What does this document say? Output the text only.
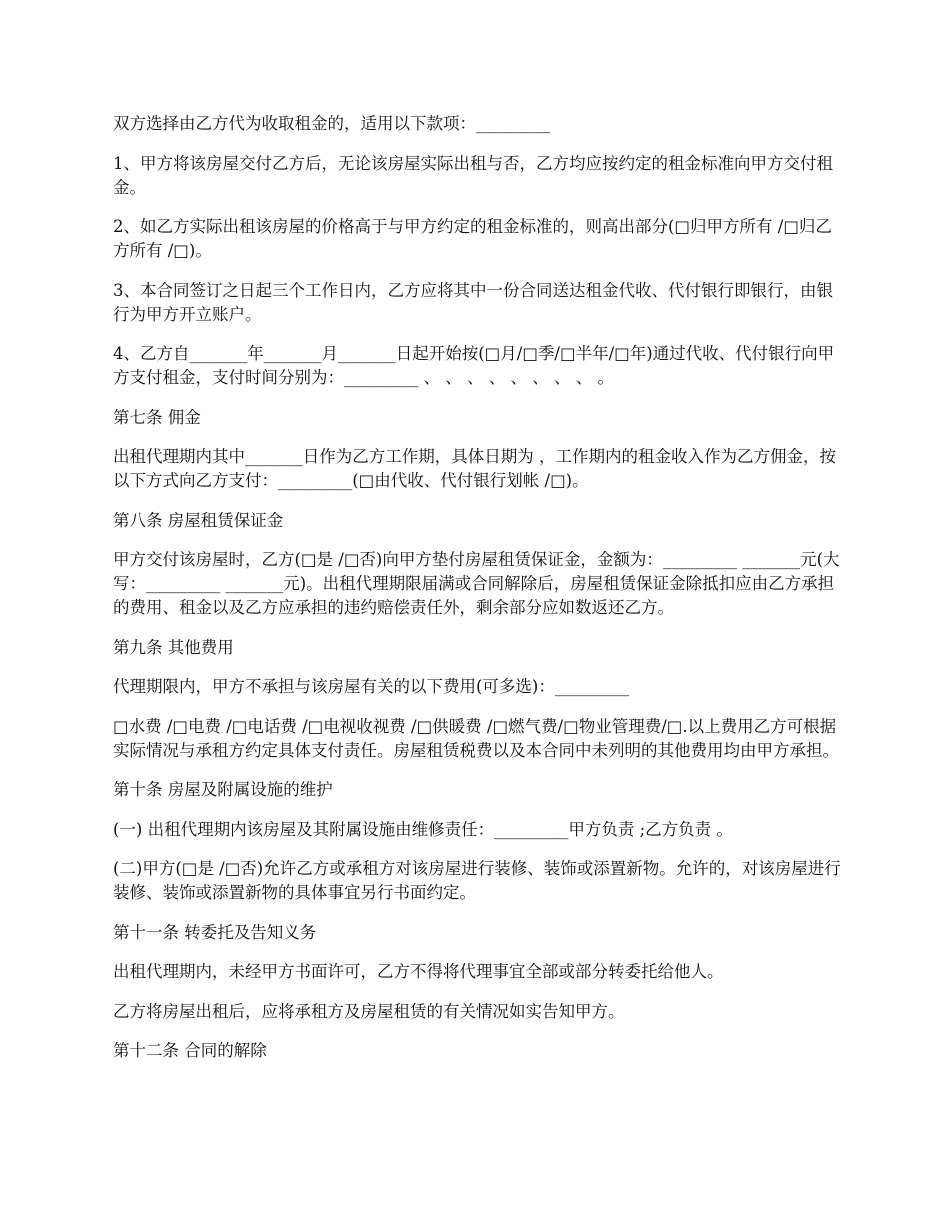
双方选择由乙方代为收取租金的，适用以下款项：_________

1、甲方将该房屋交付乙方后，无论该房屋实际出租与否，乙方均应按约定的租金标准向甲方交付租金。

2、如乙方实际出租该房屋的价格高于与甲方约定的租金标准的，则高出部分(□归甲方所有 /□归乙方所有 /□)。

3、本合同签订之日起三个工作日内，乙方应将其中一份合同送达租金代收、代付银行即银行，由银行为甲方开立账户。

4、乙方自_______年_______月_______日起开始按(□月/□季/□半年/□年)通过代收、代付银行向甲方支付租金，支付时间分别为：_________ 、 、 、 、 、 、 、 、 。

第七条 佣金

出租代理期内其中_______日作为乙方工作期，具体日期为 ，工作期内的租金收入作为乙方佣金，按以下方式向乙方支付：_________(□由代收、代付银行划帐 /□)。

第八条 房屋租赁保证金

甲方交付该房屋时，乙方(□是 /□否)向甲方垫付房屋租赁保证金，金额为：_________ _______元(大写：_________ _______元)。出租代理期限届满或合同解除后，房屋租赁保证金除抵扣应由乙方承担的费用、租金以及乙方应承担的违约赔偿责任外，剩余部分应如数返还乙方。

第九条 其他费用

代理期限内，甲方不承担与该房屋有关的以下费用(可多选)：_________

□水费 /□电费 /□电话费 /□电视收视费 /□供暖费 /□燃气费/□物业管理费/□.以上费用乙方可根据实际情况与承租方约定具体支付责任。房屋租赁税费以及本合同中未列明的其他费用均由甲方承担。

第十条 房屋及附属设施的维护

(一) 出租代理期内该房屋及其附属设施由维修责任：_________甲方负责 ;乙方负责 。

(二)甲方(□是 /□否)允许乙方或承租方对该房屋进行装修、装饰或添置新物。允许的，对该房屋进行装修、装饰或添置新物的具体事宜另行书面约定。

第十一条 转委托及告知义务

出租代理期内，未经甲方书面许可，乙方不得将代理事宜全部或部分转委托给他人。

乙方将房屋出租后，应将承租方及房屋租赁的有关情况如实告知甲方。

第十二条 合同的解除
